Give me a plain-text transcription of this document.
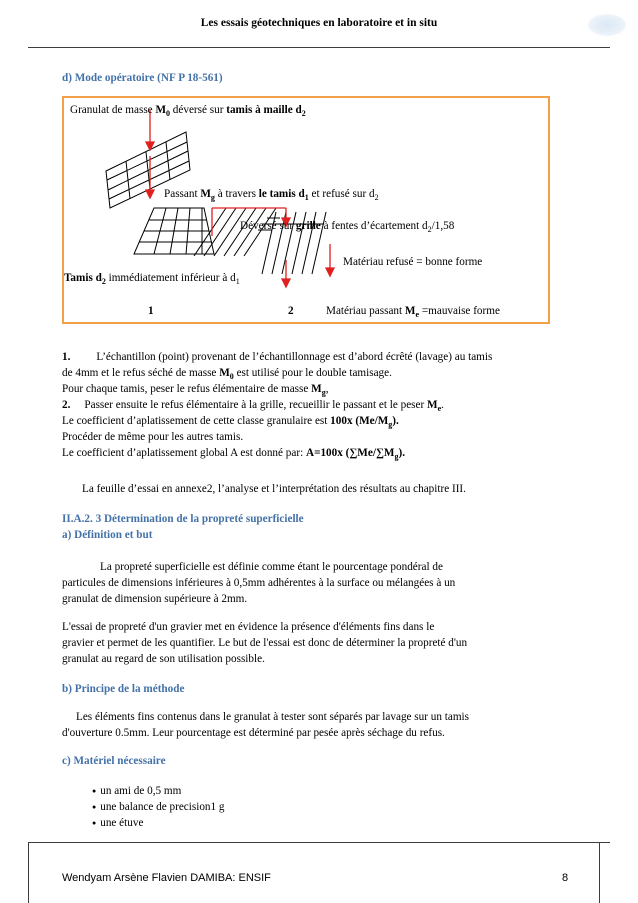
Les essais géotechniques en laboratoire et in situ
d) Mode opératoire (NF P 18-561)
Granulat de masse $M_0$ déversé sur tamis à maille $d_2$
Passant $M_g$ à travers le tamis $d_1$ et refusé sur $d_2$
Déversé sur grille à fentes d’écartement $d_2/1,58$
Matériau refusé = bonne forme
Tamis $d_2$ immédiatement inférieur à $d_1$
1	2	Matériau passant $M_e$ =mauvaise forme
1. L’échantillon (point) provenant de l’échantillonnage est d’abord écrêté (lavage) au tamis
de 4mm et le refus séché de masse $M_0$ est utilisé pour le double tamisage.
Pour chaque tamis, peser le refus élémentaire de masse $M_g$,
2. Passer ensuite le refus élémentaire à la grille, recueillir le passant et le peser $M_e$.
Le coefficient d’aplatissement de cette classe granulaire est 100x $(Me/M_g)$.
Procéder de même pour les autres tamis.
Le coefficient d’aplatissement global A est donné par: A=100x $(\sum Me/\sum M_g)$.
La feuille d’essai en annexe2, l’analyse et l’interprétation des résultats au chapitre III.
II.A.2. 3 Détermination de la propreté superficielle
a) Définition et but
La propreté superficielle est définie comme étant le pourcentage pondéral de
particules de dimensions inférieures à 0,5mm adhérentes à la surface ou mélangées à un
granulat de dimension supérieure à 2mm.
L'essai de propreté d'un gravier met en évidence la présence d'éléments fins dans le
gravier et permet de les quantifier. Le but de l'essai est donc de déterminer la propreté d'un
granulat au regard de son utilisation possible.
b) Principe de la méthode
Les éléments fins contenus dans le granulat à tester sont séparés par lavage sur un tamis
d'ouverture 0.5mm. Leur pourcentage est déterminé par pesée après séchage du refus.
c) Matériel nécessaire
● un ami de 0,5 mm
● une balance de precision1 g
● une étuve
Wendyam Arsène Flavien DAMIBA: ENSIF	8
